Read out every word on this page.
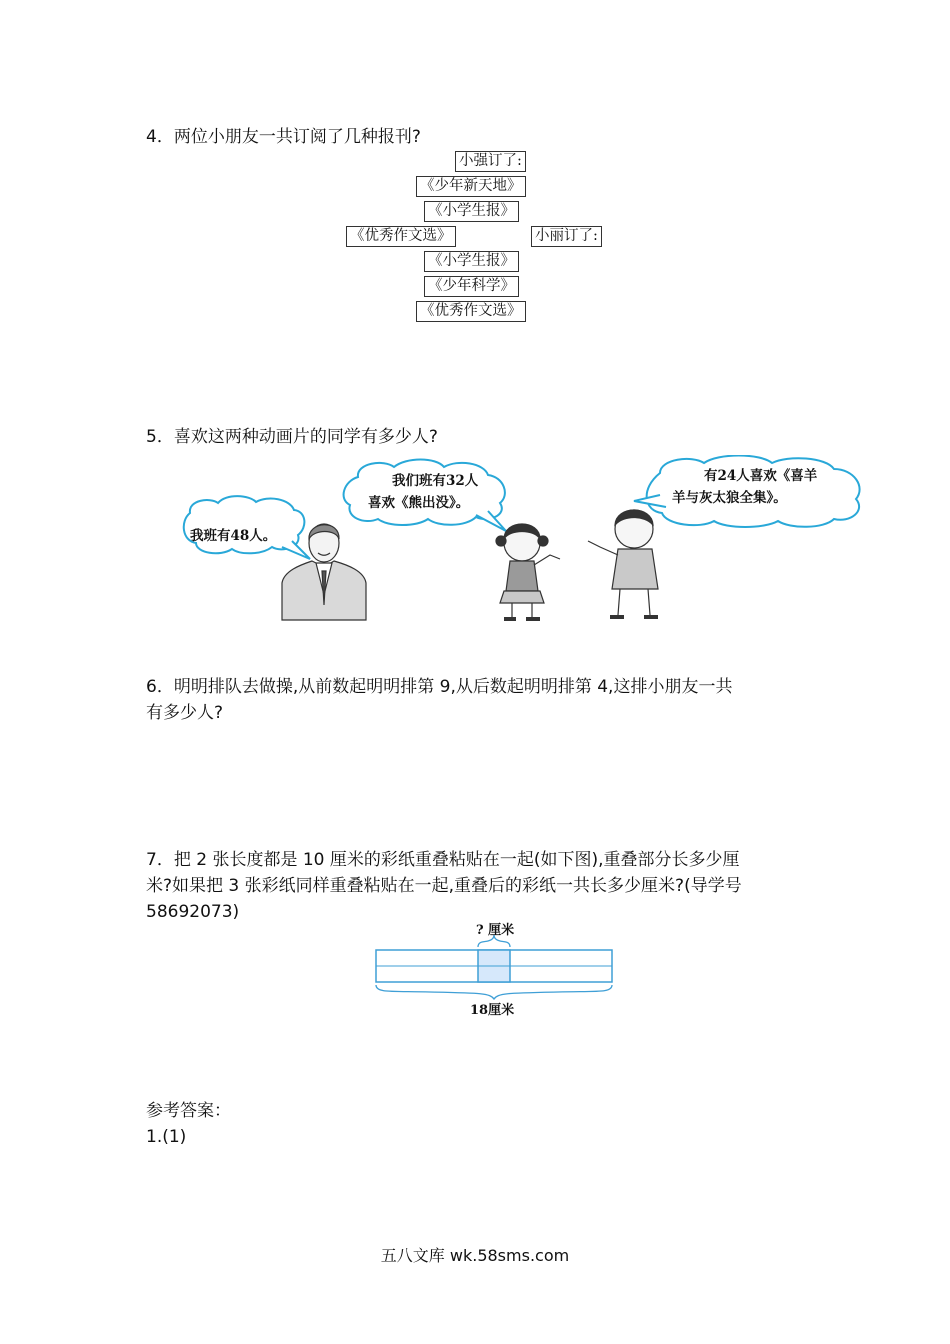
4．两位小朋友一共订阅了几种报刊?
小强订了:
《少年新天地》
《小学生报》
《优秀作文选》	小丽订了:
《小学生报》
《少年科学》
《优秀作文选》
5．喜欢这两种动画片的同学有多少人?
我班有48人。
我们班有32人
喜欢《熊出没》。
有24人喜欢《喜羊
羊与灰太狼全集》。
6．明明排队去做操,从前数起明明排第 9,从后数起明明排第 4,这排小朋友一共
有多少人?
7．把 2 张长度都是 10 厘米的彩纸重叠粘贴在一起(如下图),重叠部分长多少厘
米?如果把 3 张彩纸同样重叠粘贴在一起,重叠后的彩纸一共长多少厘米?(导学号
58692073)
? 厘米
18厘米
参考答案：
1.(1)
五八文库 wk.58sms.com
